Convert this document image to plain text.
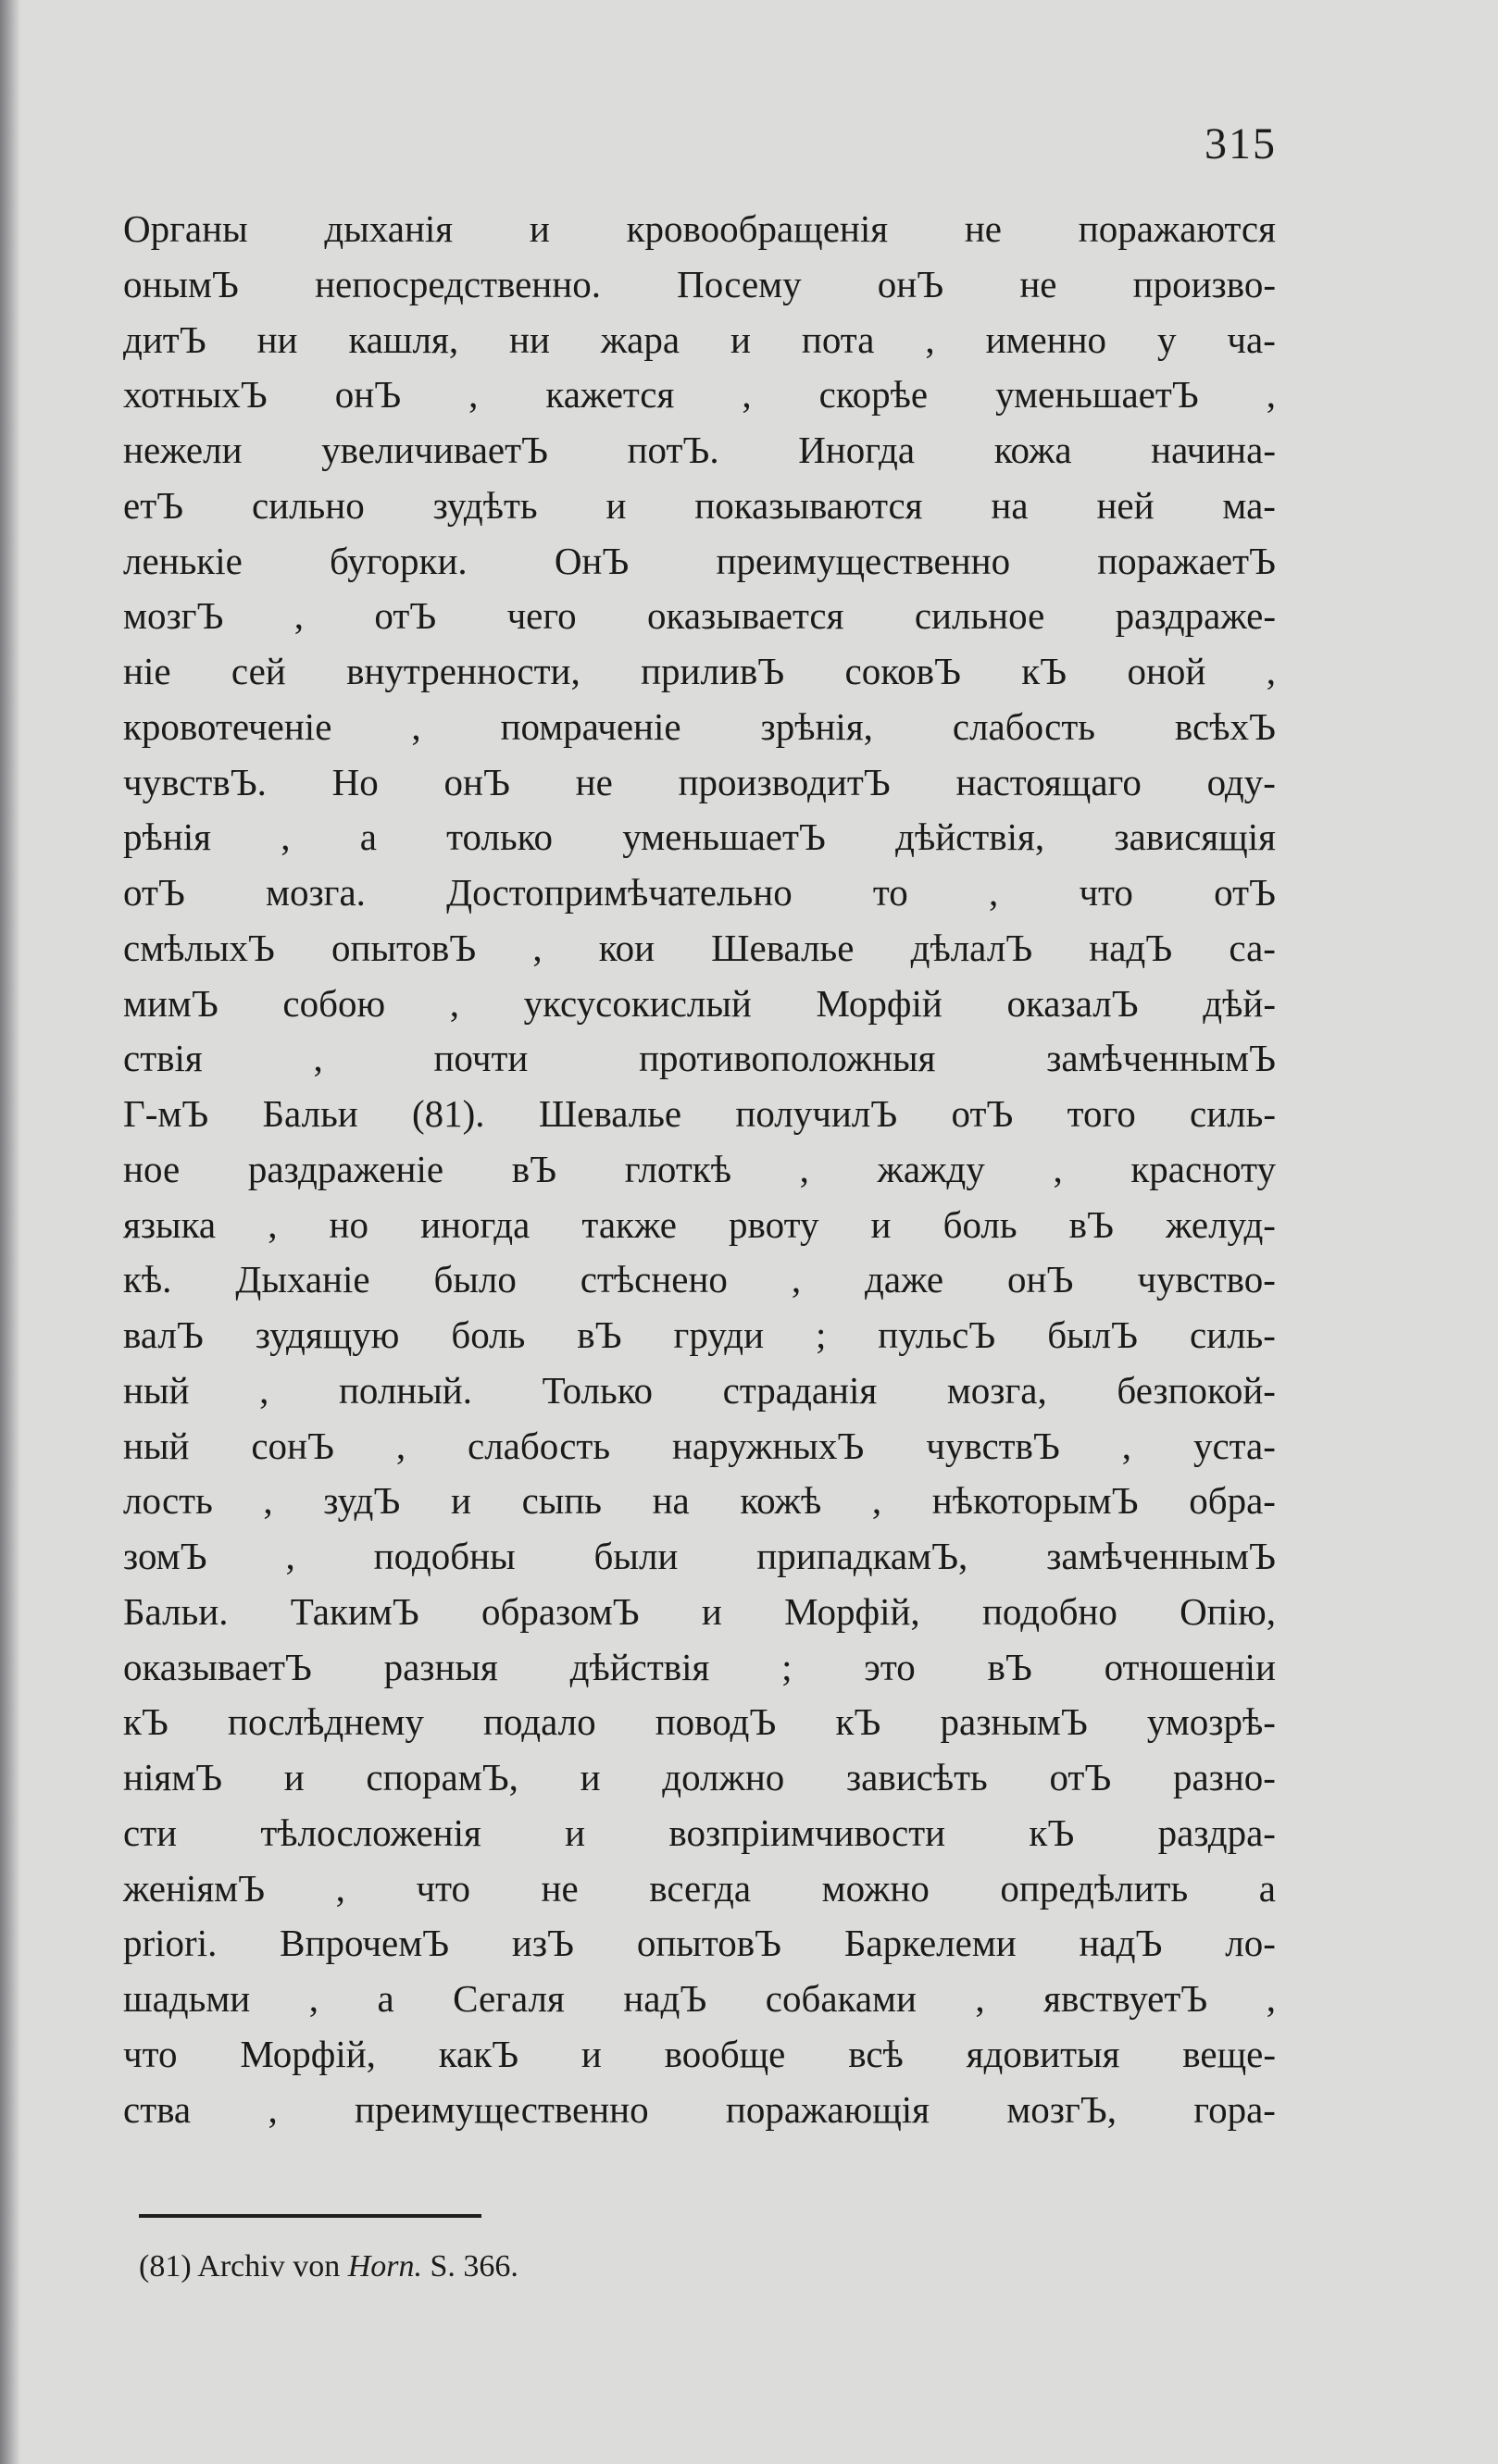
315
Органы дыханія и кровообращенія не поражаются
онымЪ непосредственно. Посему онЪ не произво-
дитЪ ни кашля, ни жара и пота , именно у ча-
хотныхЪ онЪ , кажется , скорѣе уменьшаетЪ ,
нежели увеличиваетЪ потЪ. Иногда кожа начина-
етЪ сильно зудѣть и показываются на ней ма-
ленькіе бугорки. ОнЪ преимущественно поражаетЪ
мозгЪ , отЪ чего оказывается сильное раздраже-
ніе сей внутренности, приливЪ соковЪ кЪ оной ,
кровотеченіе , помраченіе зрѣнія, слабость всѣхЪ
чувствЪ. Но онЪ не производитЪ настоящаго оду-
рѣнія , а только уменьшаетЪ дѣйствія, зависящія
отЪ мозга. Достопримѣчательно то , что отЪ
смѣлыхЪ опытовЪ , кои Шевалье дѣлалЪ надЪ са-
мимЪ собою , уксусокислый Морфій оказалЪ дѣй-
ствія	,	почти	противоположныя	замѣченнымЪ
Г-мЪ Бальи (81). Шевалье получилЪ отЪ того силь-
ное раздраженіе вЪ глоткѣ , жажду , красноту
языка , но иногда также рвоту и боль вЪ желуд-
кѣ. Дыханіе было стѣснено , даже онЪ чувство-
валЪ зудящую боль вЪ груди ; пульсЪ былЪ силь-
ный , полный. Только страданія мозга, безпокой-
ный сонЪ , слабость наружныхЪ чувствЪ , уста-
лость , зудЪ и сыпь на кожѣ , нѣкоторымЪ обра-
зомЪ , подобны были припадкамЪ, замѣченнымЪ
Бальи. ТакимЪ образомЪ и Морфій, подобно Опію,
оказываетЪ разныя дѣйствія ; это вЪ отношеніи
кЪ послѣднему подало поводЪ кЪ разнымЪ умозрѣ-
ніямЪ и спорамЪ, и должно зависѣть отЪ разно-
сти тѣлосложенія и возпріимчивости кЪ раздра-
женіямЪ , что не всегда можно опредѣлить a
priori. ВпрочемЪ изЪ опытовЪ Баркелеми надЪ ло-
шадьми , а Сегаля надЪ собаками , явствуетЪ ,
что Морфій, какЪ и вообще всѣ ядовитыя веще-
ства , преимущественно поражающія мозгЪ, гора-
(81) Archiv von Horn. S. 366.
